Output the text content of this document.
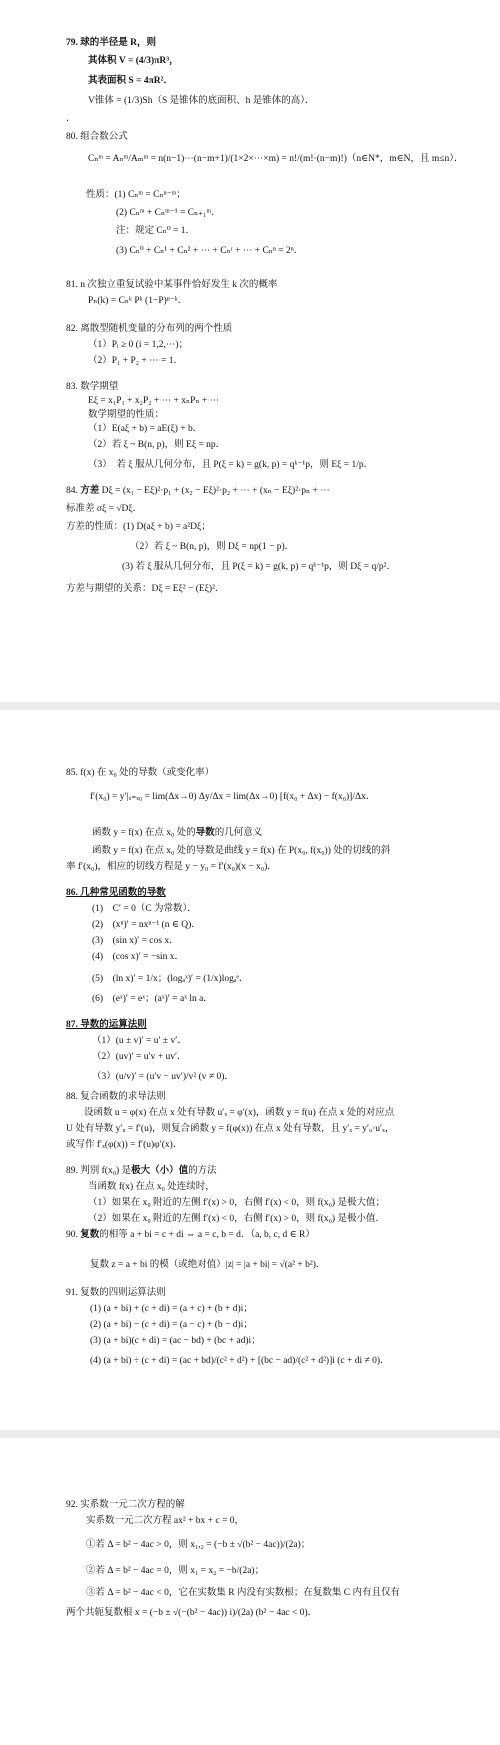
79. 球的半径是 R，则
其体积 V = (4/3)πR³，
其表面积 S = 4πR²．
V锥体 = (1/3)Sh（S 是锥体的底面积、h 是锥体的高）．
．
80. 组合数公式
Cₙᵐ = Aₙᵐ/Aₘᵐ = n(n−1)⋯(n−m+1)/(1×2×⋯×m) = n!/(m!·(n−m)!)（n∈N*，m∈N，且 m≤n）．
性质：(1) Cₙᵐ = Cₙⁿ⁻ᵐ；
(2) Cₙᵐ + Cₙᵐ⁻¹ = Cₙ₊₁ᵐ．
注：规定 Cₙ⁰ = 1．
(3) Cₙ⁰ + Cₙ¹ + Cₙ² + ⋯ + Cₙʳ + ⋯ + Cₙⁿ = 2ⁿ．
81. n 次独立重复试验中某事件恰好发生 k 次的概率
Pₙ(k) = Cₙᵏ Pᵏ (1−P)ⁿ⁻ᵏ．
82. 离散型随机变量的分布列的两个性质
（1）Pᵢ ≥ 0 (i = 1,2,⋯)；
（2）P₁ + P₂ + ⋯ = 1．
83. 数学期望
Eξ = x₁P₁ + x₂P₂ + ⋯ + xₙPₙ + ⋯
数学期望的性质：
（1）E(aξ + b) = aE(ξ) + b．
（2）若 ξ ~ B(n, p)，则 Eξ = np．
（3）　若 ξ 服从几何分布，且 P(ξ = k) = g(k, p) = qᵏ⁻¹p，则 Eξ = 1/p．
84. 方差 Dξ = (x₁ − Eξ)²·p₁ + (x₂ − Eξ)²·p₂ + ⋯ + (xₙ − Eξ)²·pₙ + ⋯
标准差 σξ = √Dξ．
方差的性质：(1) D(aξ + b) = a²Dξ；
（2）若 ξ ~ B(n, p)，则 Dξ = np(1 − p)．
(3) 若 ξ 服从几何分布，且 P(ξ = k) = g(k, p) = qᵏ⁻¹p，则 Dξ = q/p²．
方差与期望的关系：Dξ = Eξ² − (Eξ)²．
85. f(x) 在 x₀ 处的导数（或变化率）
f′(x₀) = y′|ₓ₌ₓ₀ = lim(Δx→0) Δy/Δx = lim(Δx→0) [f(x₀ + Δx) − f(x₀)]/Δx．
函数 y = f(x) 在点 x₀ 处的导数的几何意义
函数 y = f(x) 在点 x₀ 处的导数是曲线 y = f(x) 在 P(x₀, f(x₀)) 处的切线的斜
率 f′(x₀)，相应的切线方程是 y − y₀ = f′(x₀)(x − x₀)．
86. 几种常见函数的导数
(1)　C′ = 0（C 为常数）．
(2)　(xⁿ)′ = nxⁿ⁻¹ (n ∈ Q)．
(3)　(sin x)′ = cos x．
(4)　(cos x)′ = −sin x．
(5)　(ln x)′ = 1/x；(logₐˣ)′ = (1/x)logₐᵉ．
(6)　(eˣ)′ = eˣ；(aˣ)′ = aˣ ln a．
87. 导数的运算法则
（1）(u ± v)′ = u′ ± v′．
（2）(uv)′ = u′v + uv′．
（3）(u/v)′ = (u′v − uv′)/v² (v ≠ 0)．
88. 复合函数的求导法则
设函数 u = φ(x) 在点 x 处有导数 u′ₓ = φ′(x)，函数 y = f(u) 在点 x 处的对应点
U 处有导数 y′ᵤ = f′(u)，则复合函数 y = f(φ(x)) 在点 x 处有导数，且 y′ₓ = y′ᵤ·u′ₓ，
或写作 f′ₓ(φ(x)) = f′(u)φ′(x)．
89. 判别 f(x₀) 是极大（小）值的方法
当函数 f(x) 在点 x₀ 处连续时，
（1）如果在 x₀ 附近的左侧 f′(x) > 0，右侧 f′(x) < 0，则 f(x₀) 是极大值；
（2）如果在 x₀ 附近的左侧 f′(x) < 0，右侧 f′(x) > 0，则 f(x₀) 是极小值．
90. 复数的相等 a + bi = c + di ⇔ a = c, b = d．（a, b, c, d ∈ R）
复数 z = a + bi 的模（或绝对值）|z| = |a + bi| = √(a² + b²)．
91. 复数的四则运算法则
(1) (a + bi) + (c + di) = (a + c) + (b + d)i；
(2) (a + bi) − (c + di) = (a − c) + (b − d)i；
(3) (a + bi)(c + di) = (ac − bd) + (bc + ad)i；
(4) (a + bi) ÷ (c + di) = (ac + bd)/(c² + d²) + [(bc − ad)/(c² + d²)]i (c + di ≠ 0)．
92. 实系数一元二次方程的解
实系数一元二次方程 ax² + bx + c = 0，
①若 Δ = b² − 4ac > 0，则 x₁,₂ = (−b ± √(b² − 4ac))/(2a)；
②若 Δ = b² − 4ac = 0，则 x₁ = x₂ = −b/(2a)；
③若 Δ = b² − 4ac < 0，它在实数集 R 内没有实数根；在复数集 C 内有且仅有
两个共轭复数根 x = (−b ± √(−(b² − 4ac)) i)/(2a) (b² − 4ac < 0)．
